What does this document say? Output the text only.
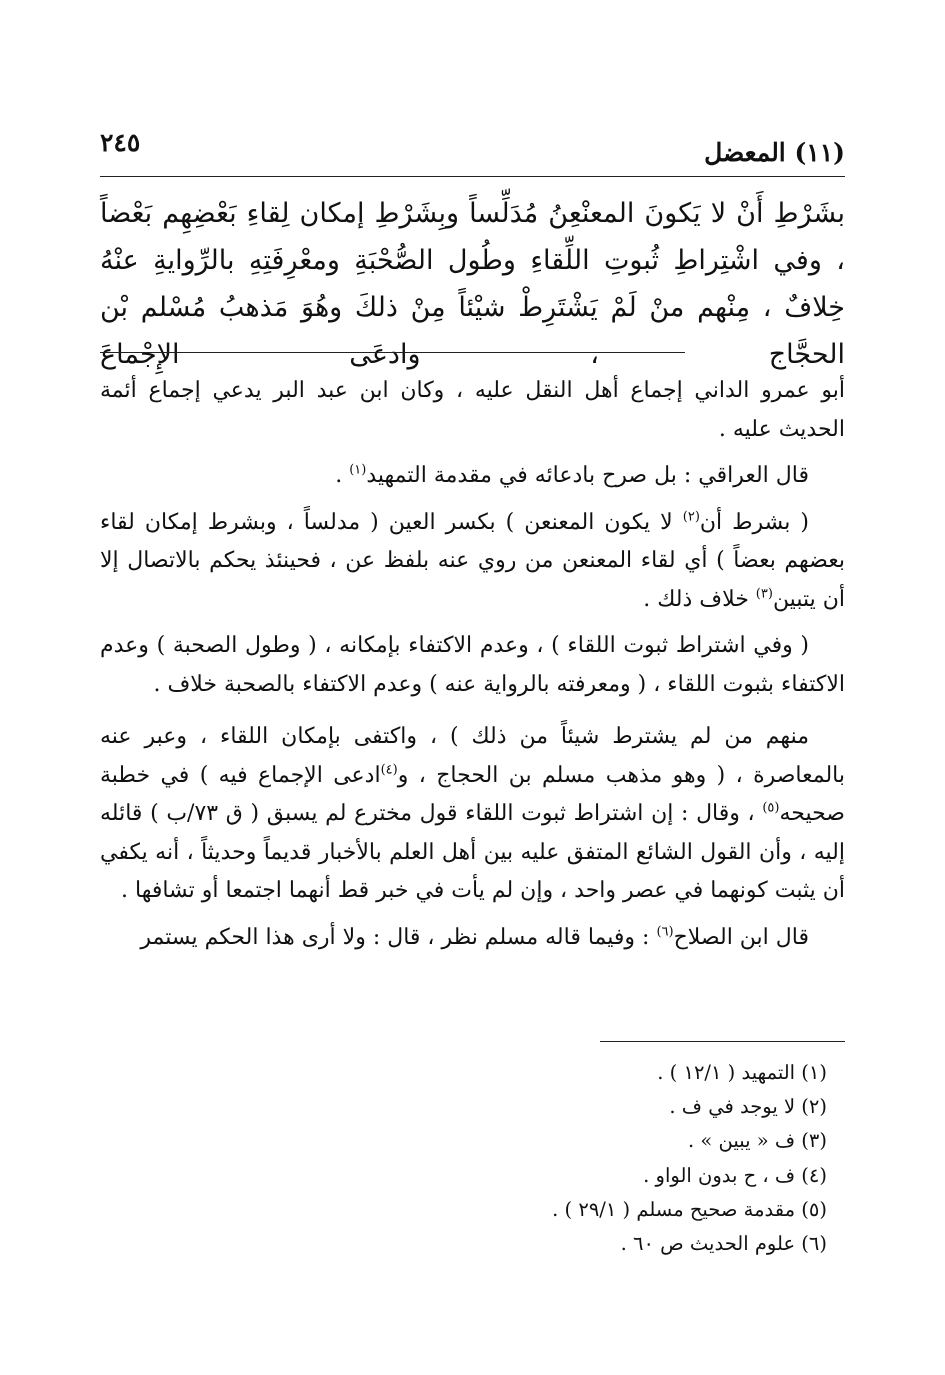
(١١) المعضل
٢٤٥
بشَرْطِ أَنْ لا يَكونَ المعنْعِنُ مُدَلِّساً وبِشَرْطِ إمكان لِقاءِ بَعْضِهِم بَعْضاً ، وفي اشْتِراطِ ثُبوتِ اللِّقاءِ وطُول الصُّحْبَةِ ومعْرِفَتِهِ بالرِّوايةِ عنْهُ خِلافٌ ، مِنْهم منْ لَمْ يَشْتَرِطْ شيْئاً مِنْ ذلكَ وهُوَ مَذهبُ مُسْلم بْن الحجَّاج ، وادعَى الإِجْماعَ

أبو عمرو الداني إجماع أهل النقل عليه ، وكان ابن عبد البر يدعي إجماع أئمة الحديث عليه .

قال العراقي : بل صرح بادعائه في مقدمة التمهيد$^{(١)}$ .

( بشرط أن$^{(٢)}$ لا يكون المعنعن ) بكسر العين ( مدلساً ، وبشرط إمكان لقاء بعضهم بعضاً ) أي لقاء المعنعن من روي عنه بلفظ عن ، فحينئذ يحكم بالاتصال إلا أن يتبين$^{(٣)}$ خلاف ذلك .

( وفي اشتراط ثبوت اللقاء ) ، وعدم الاكتفاء بإمكانه ، ( وطول الصحبة ) وعدم الاكتفاء بثبوت اللقاء ، ( ومعرفته بالرواية عنه ) وعدم الاكتفاء بالصحبة خلاف .

منهم من لم يشترط شيئاً من ذلك ) ، واكتفى بإمكان اللقاء ، وعبر عنه بالمعاصرة ، ( وهو مذهب مسلم بن الحجاج ، و$^{(٤)}$ادعى الإجماع فيه ) في خطبة صحيحه$^{(٥)}$ ، وقال : إن اشتراط ثبوت اللقاء قول مخترع لم يسبق ( ق ٧٣/ب ) قائله إليه ، وأن القول الشائع المتفق عليه بين أهل العلم بالأخبار قديماً وحديثاً ، أنه يكفي أن يثبت كونهما في عصر واحد ، وإن لم يأت في خبر قط أنهما اجتمعا أو تشافها .

قال ابن الصلاح$^{(٦)}$ : وفيما قاله مسلم نظر ، قال : ولا أرى هذا الحكم يستمر

(١) التمهيد ( ١٢/١ ) .
(٢) لا يوجد في ف .
(٣) ف « يبين » .
(٤) ف ، ح بدون الواو .
(٥) مقدمة صحيح مسلم ( ٢٩/١ ) .
(٦) علوم الحديث ص ٦٠ .
